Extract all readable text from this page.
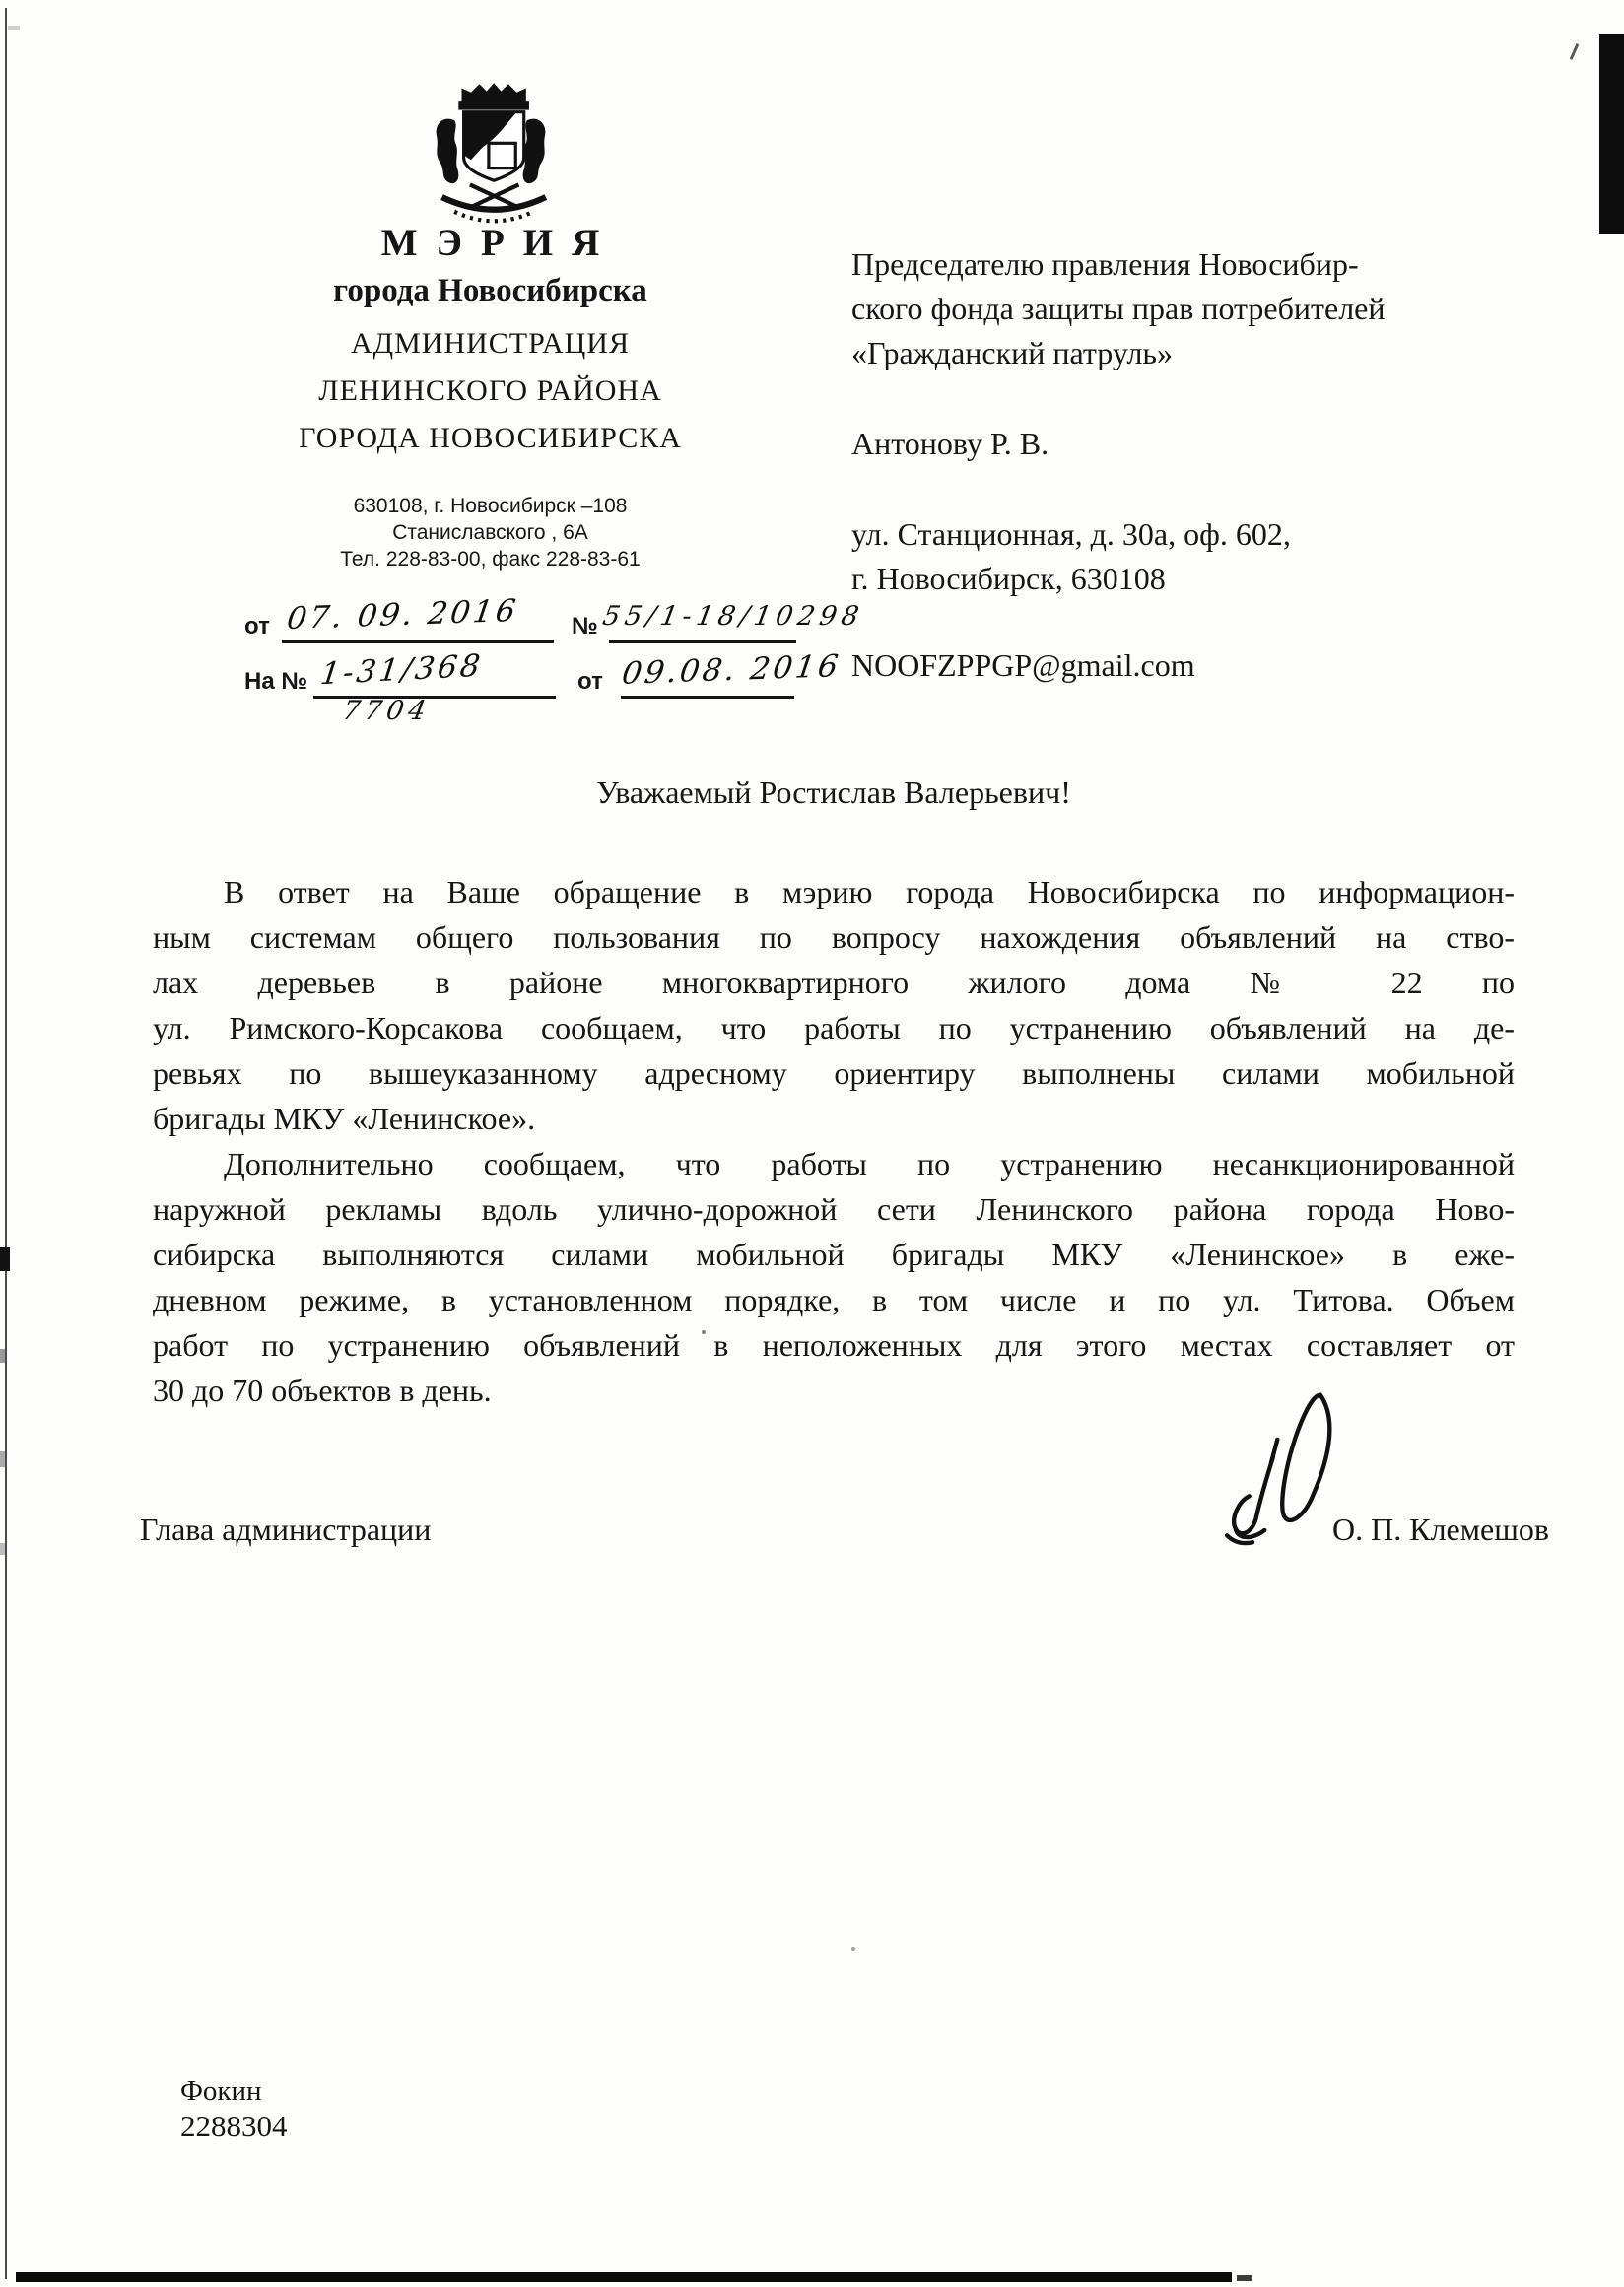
МЭРИЯ
города Новосибирска
АДМИНИСТРАЦИЯ
ЛЕНИНСКОГО РАЙОНА
ГОРОДА НОВОСИБИРСКА
630108, г. Новосибирск –108
Станиславского , 6А
Тел. 228-83-00, факс 228-83-61
от 07. 09. 2016 № 55/1-18/10298
На № 1-31/368	от 09.08. 2016
7704
Председателю правления Новосибир-
ского фонда защиты прав потребителей
«Гражданский патруль»
Антонову Р. В.
ул. Станционная, д. 30а, оф. 602,
г. Новосибирск, 630108
NOOFZPPGP@gmail.com
Уважаемый Ростислав Валерьевич!
В ответ на Ваше обращение в мэрию города Новосибирска по информацион-
ным системам общего пользования по вопросу нахождения объявлений на ство-
лах деревьев в районе многоквартирного жилого дома № 22 по
ул. Римского-Корсакова сообщаем, что работы по устранению объявлений на де-
ревьях по вышеуказанному адресному ориентиру выполнены силами мобильной
бригады МКУ «Ленинское».
Дополнительно сообщаем, что работы по устранению несанкционированной
наружной рекламы вдоль улично-дорожной сети Ленинского района города Ново-
сибирска выполняются силами мобильной бригады МКУ «Ленинское» в еже-
дневном режиме, в установленном порядке, в том числе и по ул. Титова. Объем
работ по устранению объявлений в неположенных для этого местах составляет от
30 до 70 объектов в день.
Глава администрации	О. П. Клемешов
Фокин
2288304
